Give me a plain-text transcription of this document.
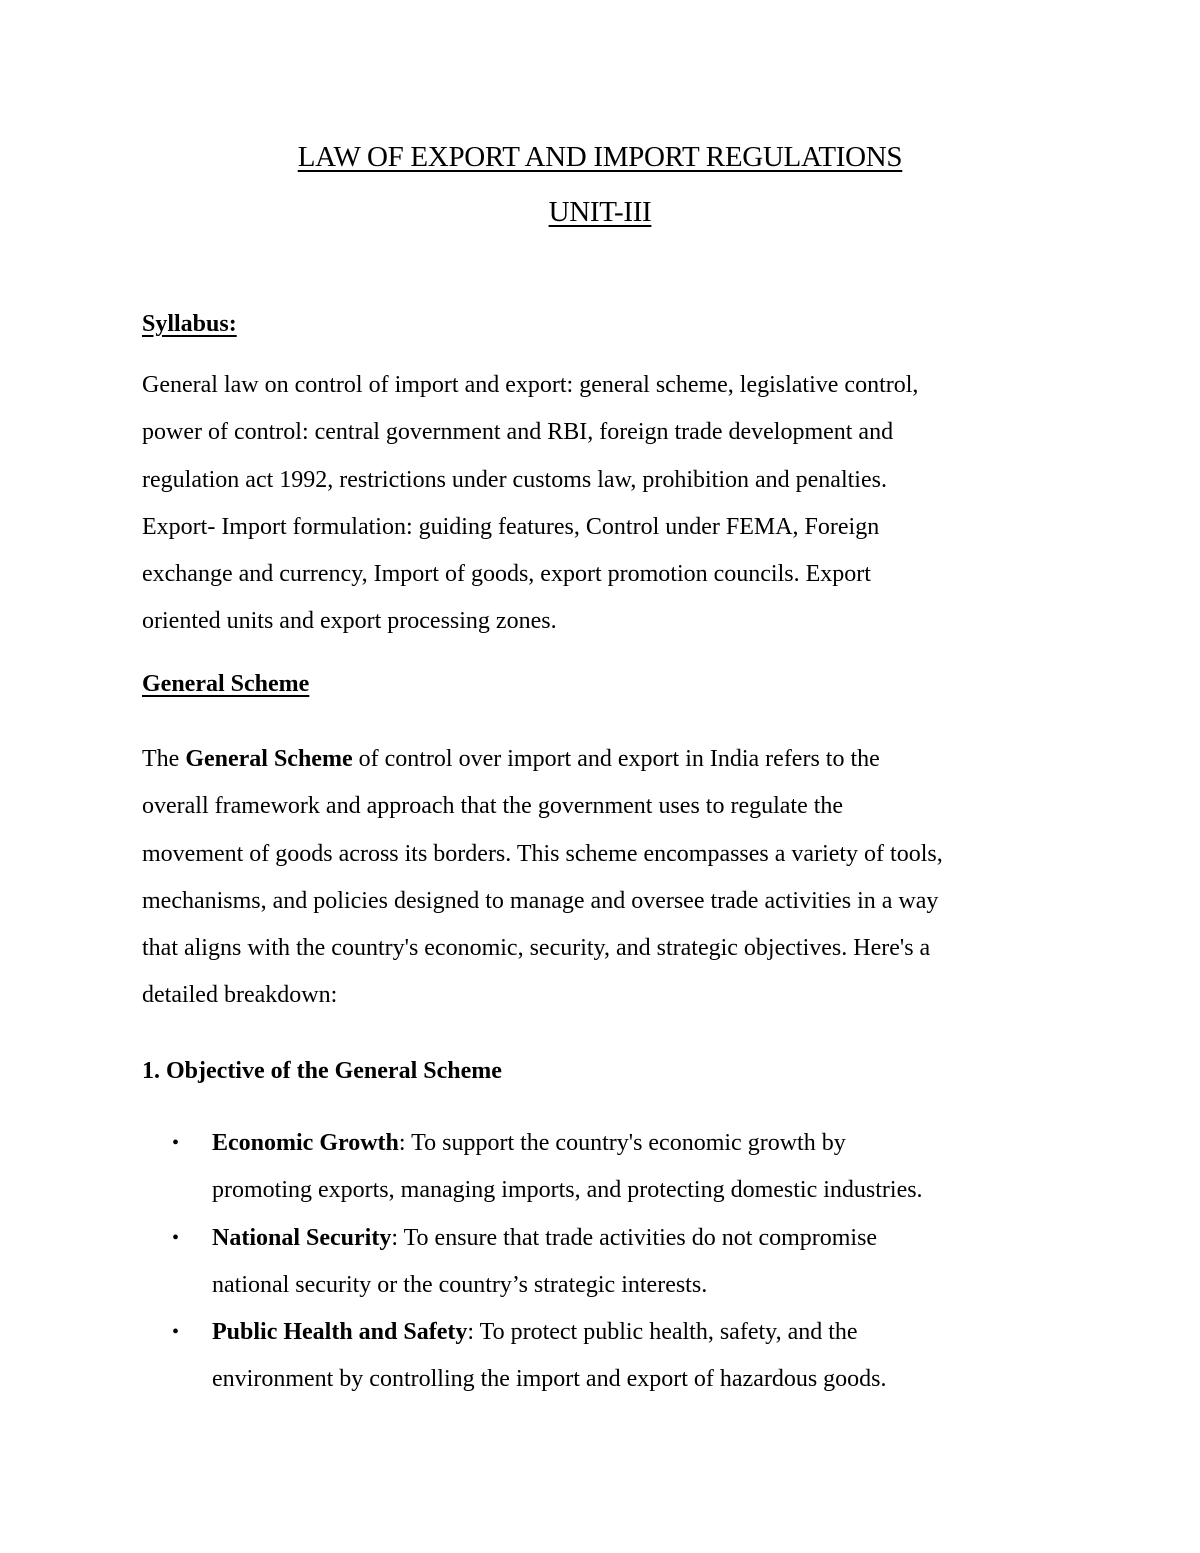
LAW OF EXPORT AND IMPORT REGULATIONS
UNIT-III
Syllabus:
General law on control of import and export: general scheme, legislative control,
power of control: central government and RBI, foreign trade development and
regulation act 1992, restrictions under customs law, prohibition and penalties.
Export- Import formulation: guiding features, Control under FEMA, Foreign
exchange and currency, Import of goods, export promotion councils. Export
oriented units and export processing zones.
General Scheme
The General Scheme of control over import and export in India refers to the
overall framework and approach that the government uses to regulate the
movement of goods across its borders. This scheme encompasses a variety of tools,
mechanisms, and policies designed to manage and oversee trade activities in a way
that aligns with the country's economic, security, and strategic objectives. Here's a
detailed breakdown:
1. Objective of the General Scheme
• Economic Growth: To support the country's economic growth by
promoting exports, managing imports, and protecting domestic industries.
• National Security: To ensure that trade activities do not compromise
national security or the country’s strategic interests.
• Public Health and Safety: To protect public health, safety, and the
environment by controlling the import and export of hazardous goods.
